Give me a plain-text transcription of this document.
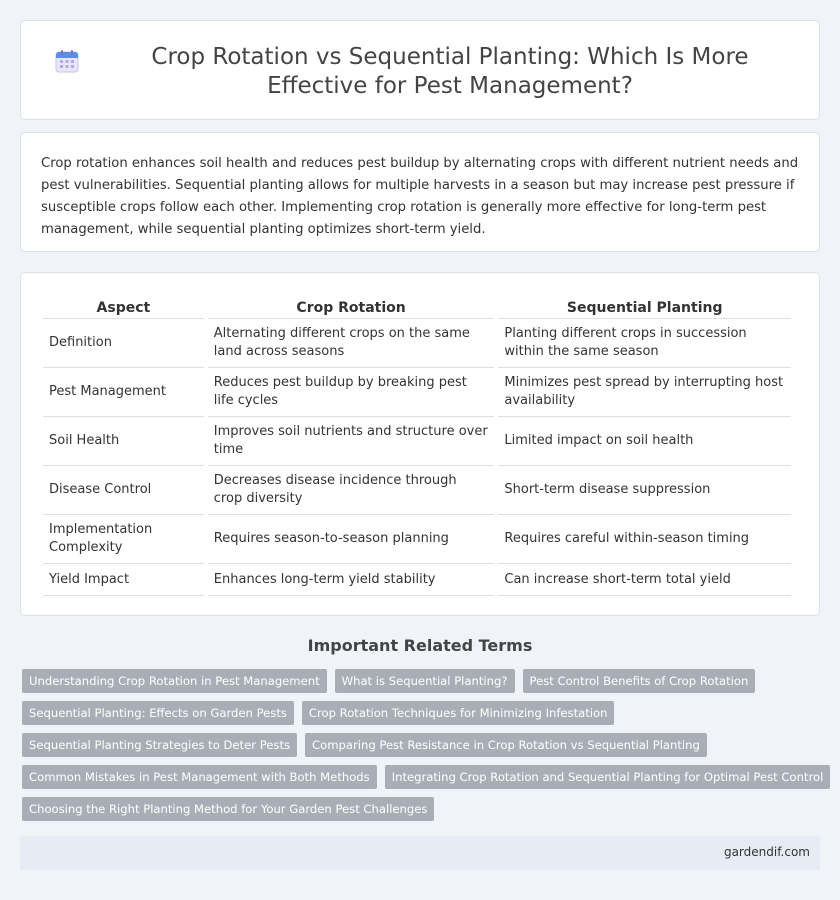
Crop Rotation vs Sequential Planting: Which Is More Effective for Pest Management?

Crop rotation enhances soil health and reduces pest buildup by alternating crops with different nutrient needs and pest vulnerabilities. Sequential planting allows for multiple harvests in a season but may increase pest pressure if susceptible crops follow each other. Implementing crop rotation is generally more effective for long-term pest management, while sequential planting optimizes short-term yield.

Aspect	Crop Rotation	Sequential Planting
Definition	Alternating different crops on the same land across seasons	Planting different crops in succession within the same season
Pest Management	Reduces pest buildup by breaking pest life cycles	Minimizes pest spread by interrupting host availability
Soil Health	Improves soil nutrients and structure over time	Limited impact on soil health
Disease Control	Decreases disease incidence through crop diversity	Short-term disease suppression
Implementation Complexity	Requires season-to-season planning	Requires careful within-season timing
Yield Impact	Enhances long-term yield stability	Can increase short-term total yield
Important Related Terms
Understanding Crop Rotation in Pest Management What is Sequential Planting? Pest Control Benefits of Crop Rotation
Sequential Planting: Effects on Garden Pests Crop Rotation Techniques for Minimizing Infestation
Sequential Planting Strategies to Deter Pests Comparing Pest Resistance in Crop Rotation vs Sequential Planting
Common Mistakes in Pest Management with Both Methods Integrating Crop Rotation and Sequential Planting for Optimal Pest Control
Choosing the Right Planting Method for Your Garden Pest Challenges
gardendif.com
